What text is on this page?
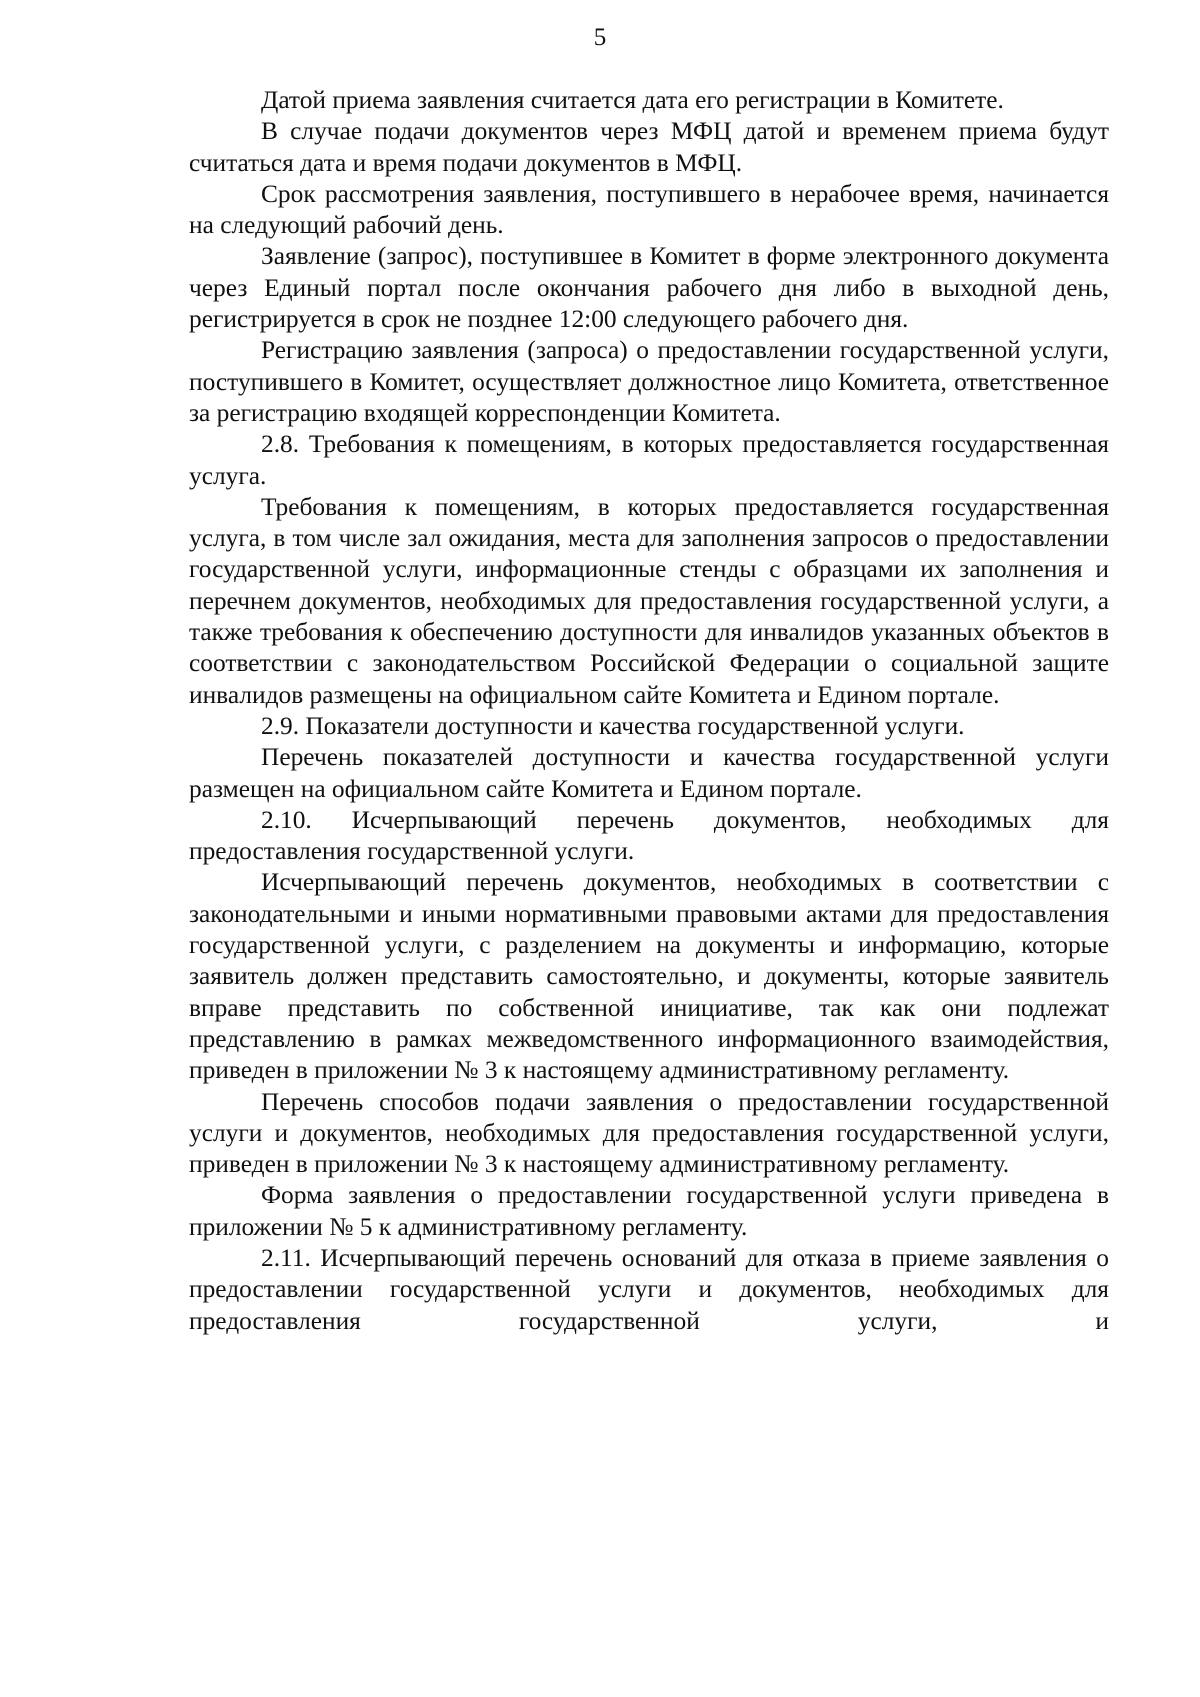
5

Датой приема заявления считается дата его регистрации в Комитете.

В случае подачи документов через МФЦ датой и временем приема будут считаться дата и время подачи документов в МФЦ.

Срок рассмотрения заявления, поступившего в нерабочее время, начинается на следующий рабочий день.

Заявление (запрос), поступившее в Комитет в форме электронного документа через Единый портал после окончания рабочего дня либо в выходной день, регистрируется в срок не позднее 12:00 следующего рабочего дня.

Регистрацию заявления (запроса) о предоставлении государственной услуги, поступившего в Комитет, осуществляет должностное лицо Комитета, ответственное за регистрацию входящей корреспонденции Комитета.

2.8. Требования к помещениям, в которых предоставляется государственная услуга.

Требования к помещениям, в которых предоставляется государственная услуга, в том числе зал ожидания, места для заполнения запросов о предоставлении государственной услуги, информационные стенды с образцами их заполнения и перечнем документов, необходимых для предоставления государственной услуги, а также требования к обеспечению доступности для инвалидов указанных объектов в соответствии с законодательством Российской Федерации о социальной защите инвалидов размещены на официальном сайте Комитета и Едином портале.

2.9. Показатели доступности и качества государственной услуги.

Перечень показателей доступности и качества государственной услуги размещен на официальном сайте Комитета и Едином портале.

2.10. Исчерпывающий перечень документов, необходимых для предоставления государственной услуги.

Исчерпывающий перечень документов, необходимых в соответствии с законодательными и иными нормативными правовыми актами для предоставления государственной услуги, с разделением на документы и информацию, которые заявитель должен представить самостоятельно, и документы, которые заявитель вправе представить по собственной инициативе, так как они подлежат представлению в рамках межведомственного информационного взаимодействия, приведен в приложении № 3 к настоящему административному регламенту.

Перечень способов подачи заявления о предоставлении государственной услуги и документов, необходимых для предоставления государственной услуги, приведен в приложении № 3 к настоящему административному регламенту.

Форма заявления о предоставлении государственной услуги приведена в приложении № 5 к административному регламенту.

2.11. Исчерпывающий перечень оснований для отказа в приеме заявления о предоставлении государственной услуги и документов, необходимых для предоставления государственной услуги, и
